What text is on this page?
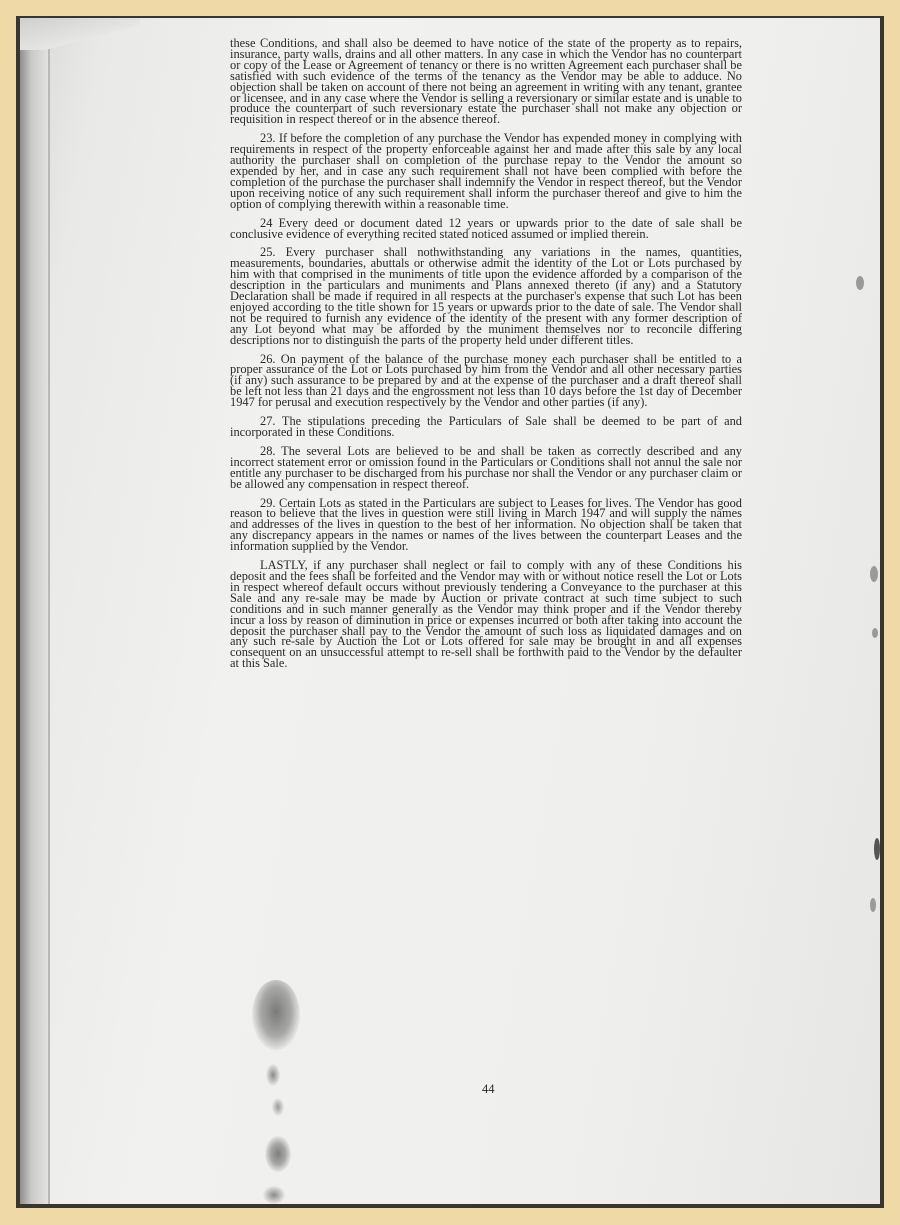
these Conditions, and shall also be deemed to have notice of the state of the property as to repairs, insurance, party walls, drains and all other matters. In any case in which the Vendor has no counterpart or copy of the Lease or Agreement of tenancy or there is no written Agreement each purchaser shall be satisfied with such evidence of the terms of the tenancy as the Vendor may be able to adduce. No objection shall be taken on account of there not being an agreement in writing with any tenant, grantee or licensee, and in any case where the Vendor is selling a reversionary or similar estate and is unable to produce the counterpart of such reversionary estate the purchaser shall not make any objection or requisition in respect thereof or in the absence thereof.

23. If before the completion of any purchase the Vendor has expended money in complying with requirements in respect of the property enforceable against her and made after this sale by any local authority the purchaser shall on completion of the purchase repay to the Vendor the amount so expended by her, and in case any such requirement shall not have been complied with before the completion of the purchase the purchaser shall indemnify the Vendor in respect thereof, but the Vendor upon receiving notice of any such requirement shall inform the purchaser thereof and give to him the option of complying therewith within a reasonable time.

24 Every deed or document dated 12 years or upwards prior to the date of sale shall be conclusive evidence of everything recited stated noticed assumed or implied therein.

25. Every purchaser shall nothwithstanding any variations in the names, quantities, measurements, boundaries, abuttals or otherwise admit the identity of the Lot or Lots purchased by him with that comprised in the muniments of title upon the evidence afforded by a comparison of the description in the particulars and muniments and Plans annexed thereto (if any) and a Statutory Declaration shall be made if required in all respects at the purchaser's expense that such Lot has been enjoyed according to the title shown for 15 years or upwards prior to the date of sale. The Vendor shall not be required to furnish any evidence of the identity of the present with any former description of any Lot beyond what may be afforded by the muniment themselves nor to reconcile differing descriptions nor to distinguish the parts of the property held under different titles.

26. On payment of the balance of the purchase money each purchaser shall be entitled to a proper assurance of the Lot or Lots purchased by him from the Vendor and all other necessary parties (if any) such assurance to be prepared by and at the expense of the purchaser and a draft thereof shall be left not less than 21 days and the engrossment not less than 10 days before the 1st day of December 1947 for perusal and execution respectively by the Vendor and other parties (if any).

27. The stipulations preceding the Particulars of Sale shall be deemed to be part of and incorporated in these Conditions.

28. The several Lots are believed to be and shall be taken as correctly described and any incorrect statement error or omission found in the Particulars or Conditions shall not annul the sale nor entitle any purchaser to be discharged from his purchase nor shall the Vendor or any purchaser claim or be allowed any compensation in respect thereof.

29. Certain Lots as stated in the Particulars are subject to Leases for lives. The Vendor has good reason to believe that the lives in question were still living in March 1947 and will supply the names and addresses of the lives in question to the best of her information. No objection shall be taken that any discrepancy appears in the names or names of the lives between the counterpart Leases and the information supplied by the Vendor.

LASTLY, if any purchaser shall neglect or fail to comply with any of these Conditions his deposit and the fees shall be forfeited and the Vendor may with or without notice resell the Lot or Lots in respect whereof default occurs without previously tendering a Conveyance to the purchaser at this Sale and any re-sale may be made by Auction or private contract at such time subject to such conditions and in such manner generally as the Vendor may think proper and if the Vendor thereby incur a loss by reason of diminution in price or expenses incurred or both after taking into account the deposit the purchaser shall pay to the Vendor the amount of such loss as liquidated damages and on any such re-sale by Auction the Lot or Lots offered for sale may be brought in and all expenses consequent on an unsuccessful attempt to re-sell shall be forthwith paid to the Vendor by the defaulter at this Sale.

44
